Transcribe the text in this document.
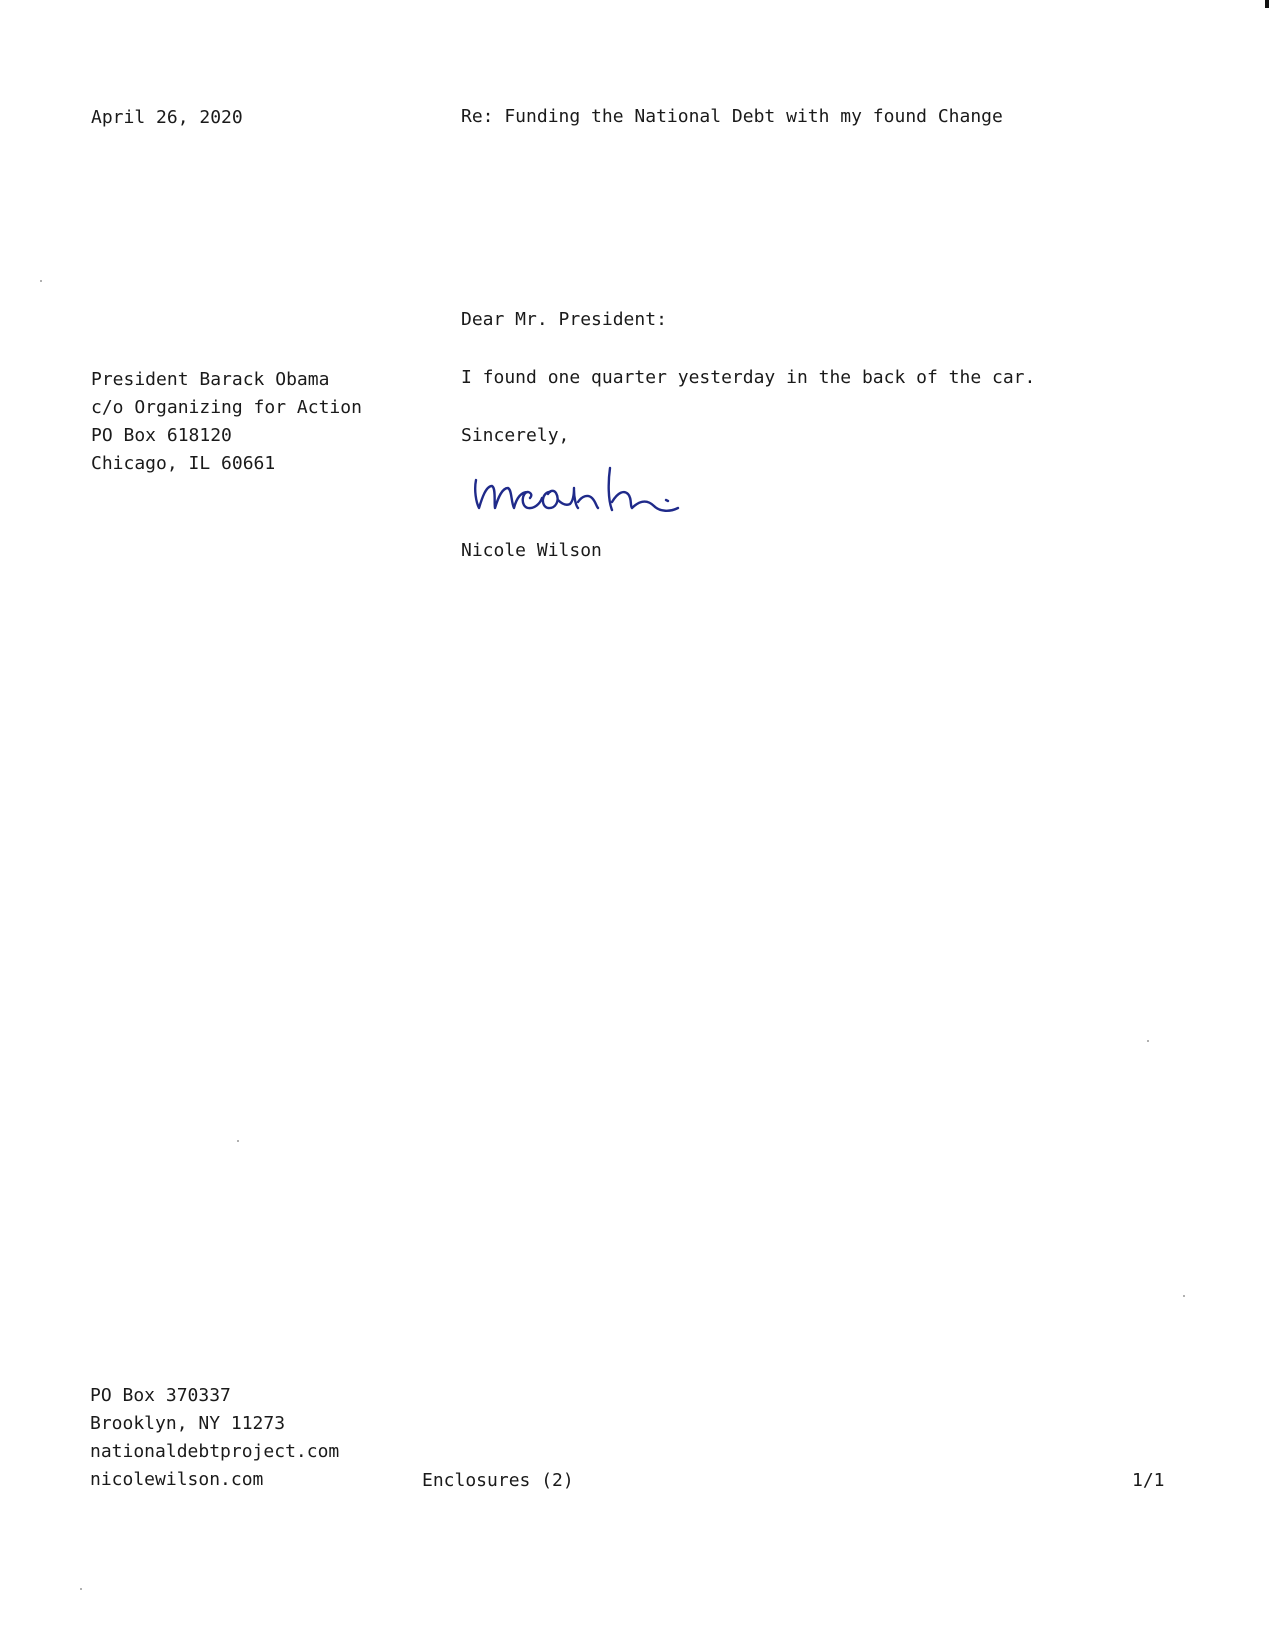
April 26, 2020	Re: Funding the National Debt with my found Change
Dear Mr. President:
President Barack Obama
c/o Organizing for Action
PO Box 618120
Chicago, IL 60661
I found one quarter yesterday in the back of the car.
Sincerely,
Nicole Wilson
PO Box 370337
Brooklyn, NY 11273
nationaldebtproject.com
nicolewilson.com	Enclosures (2)	1/1
